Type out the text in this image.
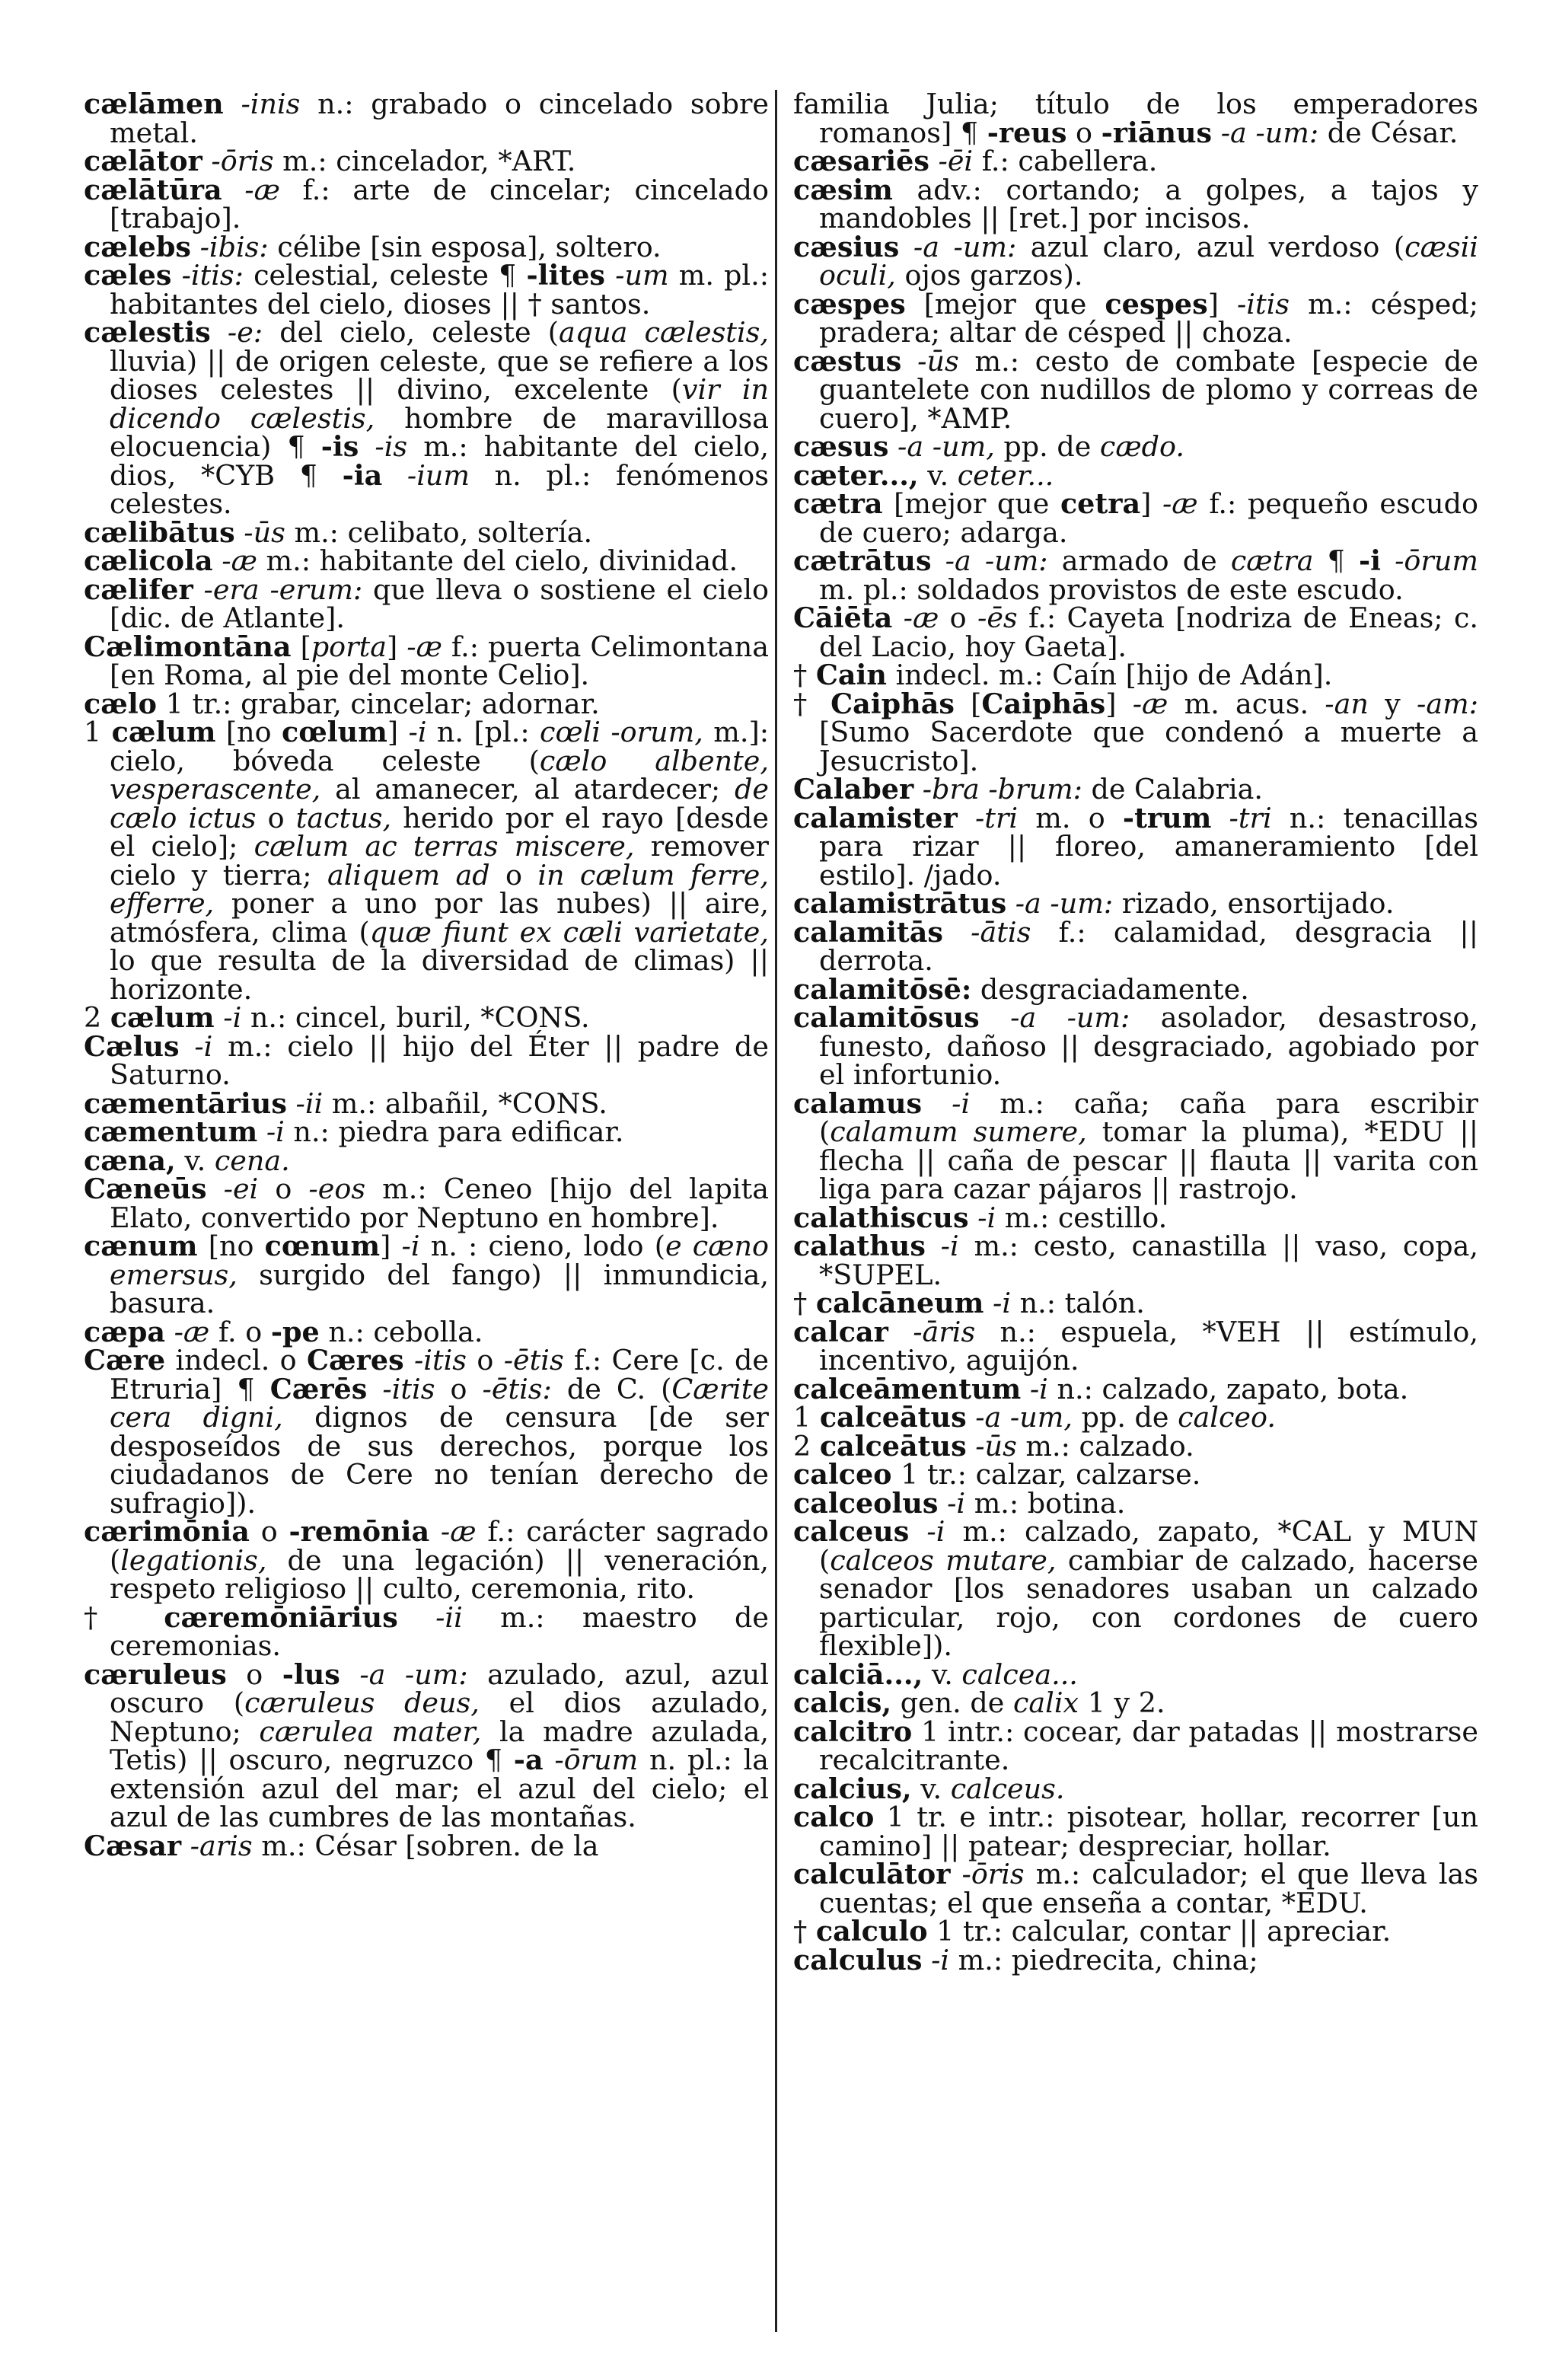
cælāmen -inis n.: grabado o cincelado sobre metal.

cælātor -ōris m.: cincelador, *ART.

cælātūra -æ f.: arte de cincelar; cincelado [trabajo].

cælebs -ibis: célibe [sin esposa], soltero.

cæles -itis: celestial, celeste ¶ -lites -um m. pl.: habitantes del cielo, dioses || † santos.

cælestis -e: del cielo, celeste (aqua cælestis, lluvia) || de origen celeste, que se refiere a los dioses celestes || divino, excelente (vir in dicendo cælestis, hombre de maravillosa elocuencia) ¶ -is -is m.: habitante del cielo, dios, *CYB ¶ -ia -ium n. pl.: fenómenos celestes.

cælibātus -ūs m.: celibato, soltería.

cælicola -æ m.: habitante del cielo, divinidad.

cælifer -era -erum: que lleva o sostiene el cielo [dic. de Atlante].

Cælimontāna [porta] -æ f.: puerta Celimontana [en Roma, al pie del monte Celio].

cælo 1 tr.: grabar, cincelar; adornar.

1 cælum [no cœlum] -i n. [pl.: cœli -orum, m.]: cielo, bóveda celeste (cælo albente, vesperascente, al amanecer, al atardecer; de cælo ictus o tactus, herido por el rayo [desde el cielo]; cælum ac terras miscere, remover cielo y tierra; aliquem ad o in cælum ferre, efferre, poner a uno por las nubes) || aire, atmósfera, clima (quæ fiunt ex cæli varietate, lo que resulta de la diversidad de climas) || horizonte.

2 cælum -i n.: cincel, buril, *CONS.

Cælus -i m.: cielo || hijo del Éter || padre de Saturno.

cæmentārius -ii m.: albañil, *CONS.

cæmentum -i n.: piedra para edificar.

cæna, v. cena.

Cæneūs -ei o -eos m.: Ceneo [hijo del lapita Elato, convertido por Neptuno en hombre].

cænum [no cœnum] -i n. : cieno, lodo (e cæno emersus, surgido del fango) || inmundicia, basura.

cæpa -æ f. o -pe n.: cebolla.

Cære indecl. o Cæres -itis o -ētis f.: Cere [c. de Etruria] ¶ Cærēs -itis o -ētis: de C. (Cærite cera digni, dignos de censura [de ser desposeídos de sus derechos, porque los ciudadanos de Cere no tenían derecho de sufragio]).

cærimōnia o -remōnia -æ f.: carácter sagrado (legationis, de una legación) || veneración, respeto religioso || culto, ceremonia, rito.

† cæremōniārius -ii m.: maestro de ceremonias.

cæruleus o -lus -a -um: azulado, azul, azul oscuro (cæruleus deus, el dios azulado, Neptuno; cærulea mater, la madre azulada, Tetis) || oscuro, negruzco ¶ -a -ōrum n. pl.: la extensión azul del mar; el azul del cielo; el azul de las cumbres de las montañas.

Cæsar -aris m.: César [sobren. de la

familia Julia; título de los emperadores romanos] ¶ -reus o -riānus -a -um: de César.

cæsariēs -ēi f.: cabellera.

cæsim adv.: cortando; a golpes, a tajos y mandobles || [ret.] por incisos.

cæsius -a -um: azul claro, azul verdoso (cæsii oculi, ojos garzos).

cæspes [mejor que cespes] -itis m.: césped; pradera; altar de césped || choza.

cæstus -ūs m.: cesto de combate [especie de guantelete con nudillos de plomo y correas de cuero], *AMP.

cæsus -a -um, pp. de cædo.

cæter..., v. ceter...

cætra [mejor que cetra] -æ f.: pequeño escudo de cuero; adarga.

cætrātus -a -um: armado de cætra ¶ -i -ōrum m. pl.: soldados provistos de este escudo.

Cāiēta -æ o -ēs f.: Cayeta [nodriza de Eneas; c. del Lacio, hoy Gaeta].

† Cain indecl. m.: Caín [hijo de Adán].

† Caiphās [Caiphās] -æ m. acus. -an y -am: [Sumo Sacerdote que condenó a muerte a Jesucristo].

Calaber -bra -brum: de Calabria.

calamister -tri m. o -trum -tri n.: tenacillas para rizar || floreo, amaneramiento [del estilo]. /jado.

calamistrātus -a -um: rizado, ensortijado.

calamitās -ātis f.: calamidad, desgracia || derrota.

calamitōsē: desgraciadamente.

calamitōsus -a -um: asolador, desastroso, funesto, dañoso || desgraciado, agobiado por el infortunio.

calamus -i m.: caña; caña para escribir (calamum sumere, tomar la pluma), *EDU || flecha || caña de pescar || flauta || varita con liga para cazar pájaros || rastrojo.

calathiscus -i m.: cestillo.

calathus -i m.: cesto, canastilla || vaso, copa, *SUPEL.

† calcāneum -i n.: talón.

calcar -āris n.: espuela, *VEH || estímulo, incentivo, aguijón.

calceāmentum -i n.: calzado, zapato, bota.

1 calceātus -a -um, pp. de calceo.

2 calceātus -ūs m.: calzado.

calceo 1 tr.: calzar, calzarse.

calceolus -i m.: botina.

calceus -i m.: calzado, zapato, *CAL y MUN (calceos mutare, cambiar de calzado, hacerse senador [los senadores usaban un calzado particular, rojo, con cordones de cuero flexible]).

calciā..., v. calcea...

calcis, gen. de calix 1 y 2.

calcitro 1 intr.: cocear, dar patadas || mostrarse recalcitrante.

calcius, v. calceus.

calco 1 tr. e intr.: pisotear, hollar, recorrer [un camino] || patear; despreciar, hollar.

calculātor -ōris m.: calculador; el que lleva las cuentas; el que enseña a contar, *EDU.

† calculo 1 tr.: calcular, contar || apreciar.

calculus -i m.: piedrecita, china;
